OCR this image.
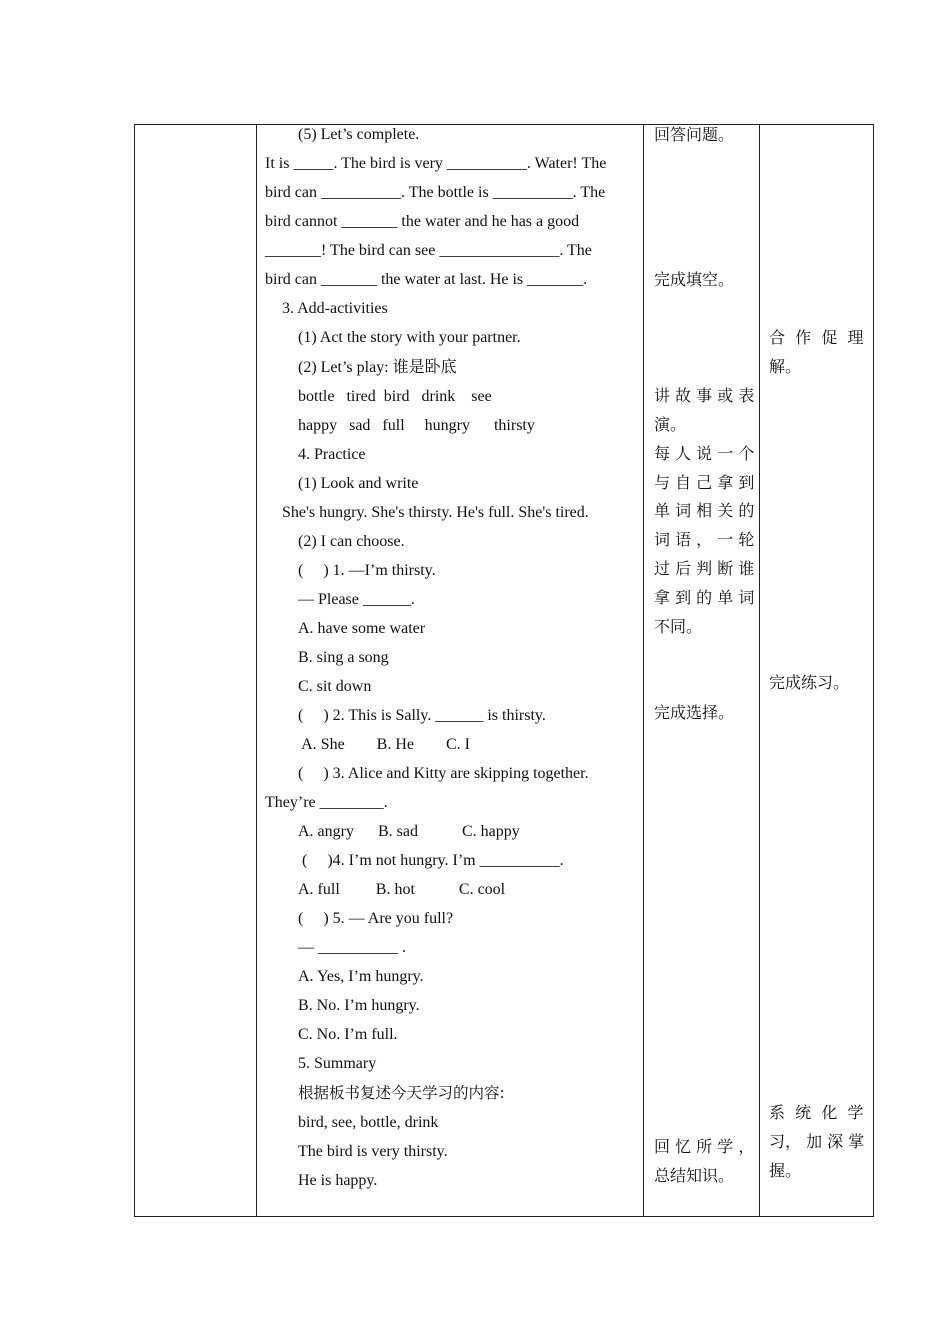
(5) Let’s complete.
It is _____. The bird is very __________. Water! The
bird can __________. The bottle is __________. The
bird cannot _______ the water and he has a good
_______! The bird can see _______________. The
bird can _______ the water at last. He is _______.
3. Add-activities
(1) Act the story with your partner.
(2) Let’s play: 谁是卧底
bottle   tired  bird   drink    see
happy   sad   full     hungry      thirsty
4. Practice
(1) Look and write
She's hungry. She's thirsty. He's full. She's tired.
(2) I can choose.
(     ) 1. —I’m thirsty.
— Please ______.
A. have some water
B. sing a song
C. sit down
(     ) 2. This is Sally. ______ is thirsty.
A. She        B. He        C. I
(     ) 3. Alice and Kitty are skipping together.
They’re ________.
A. angry      B. sad           C. happy
(     )4. I’m not hungry. I’m __________.
A. full         B. hot           C. cool
(     ) 5. — Are you full?
— __________ .
A. Yes, I’m hungry.
B. No. I’m hungry.
C. No. I’m full.
5. Summary
根据板书复述今天学习的内容:
bird, see, bottle, drink
The bird is very thirsty.
He is happy.
回答问题。
完成填空。
讲 故 事 或 表
演。
每 人 说 一 个
与 自 己 拿 到
单 词 相 关 的
词 语 ， 一 轮
过 后 判 断 谁
拿 到 的 单 词
不同。
完成选择。
回 忆 所 学 ，
总结知识。
合  作  促  理
解。
完成练习。
系  统  化  学
习， 加 深 掌
握。
